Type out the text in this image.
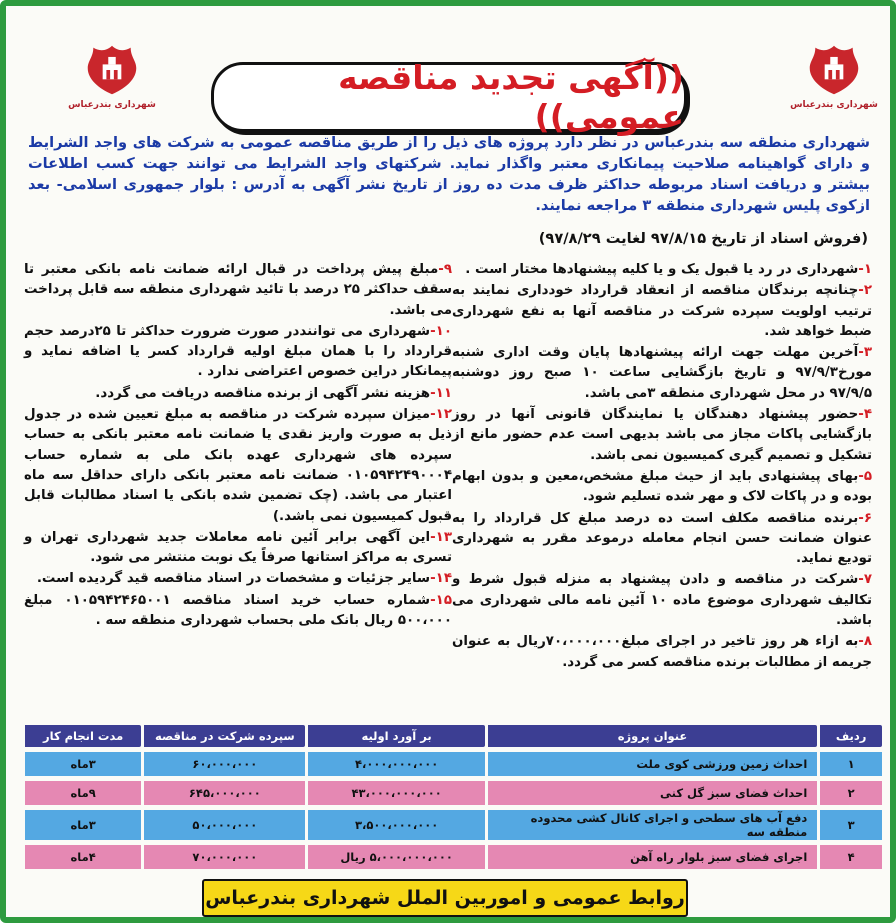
شهرداری بندرعباس
شهرداری بندرعباس
((آگهی تجدید مناقصه عمومی))
شهرداری منطقه سه بندرعباس در نظر دارد پروژه های ذیل را از طریق مناقصه عمومی به شرکت های واجد الشرایط و دارای گواهینامه صلاحیت پیمانکاری معتبر واگذار نماید. شرکتهای واجد الشرایط می توانند جهت کسب اطلاعات بیشتر و دریافت اسناد مربوطه حداکثر ظرف مدت ده روز از تاریخ نشر آگهی به آدرس : بلوار جمهوری اسلامی- بعد ازکوی پلیس شهرداری منطقه ۳ مراجعه نمایند.
(فروش اسناد از تاریخ ۹۷/۸/۱۵ لغایت ۹۷/۸/۲۹)

۱-شهرداری در رد یا قبول یک و یا کلیه پیشنهادها مختار است .

۲-چنانچه برندگان مناقصه از انعقاد قرارداد خودداری نمایند به ترتیب اولویت سپرده شرکت در مناقصه آنها به نفع شهرداری ضبط خواهد شد.

۳-آخرین مهلت جهت ارائه پیشنهادها پایان وقت اداری شنبه مورخ۹۷/۹/۳ و تاریخ بازگشایی ساعت ۱۰ صبح روز دوشنبه ۹۷/۹/۵ در محل شهرداری منطقه ۳می باشد.

۴-حضور پیشنهاد دهندگان یا نمایندگان قانونی آنها در روز بازگشایی پاکات مجاز می باشد بدیهی است عدم حضور مانع از تشکیل و تصمیم گیری کمیسیون نمی باشد.

۵-بهای پیشنهادی باید از حیث مبلغ مشخص،معین و بدون ابهام بوده و در پاکات لاک و مهر شده تسلیم شود.

۶-برنده مناقصه مکلف است ده درصد مبلغ کل قرارداد را به عنوان ضمانت حسن انجام معامله درموعد مقرر به شهرداری تودیع نماید.

۷-شرکت در مناقصه و دادن پیشنهاد به منزله قبول شرط و تکالیف شهرداری موضوع ماده ۱۰ آئین نامه مالی شهرداری می باشد.

۸-به ازاء هر روز تاخیر در اجرای مبلغ۷۰،۰۰۰،۰۰۰ریال به عنوان جریمه از مطالبات برنده مناقصه کسر می گردد.

۹-مبلغ پیش پرداخت در قبال ارائه ضمانت نامه بانکی معتبر تا سقف حداکثر ۲۵ درصد با تائید شهرداری منطقه سه قابل پرداخت می باشد.

۱۰-شهرداری می تواننددر صورت ضرورت حداکثر تا ۲۵درصد حجم قرارداد را با همان مبلغ اولیه قرارداد کسر یا اضافه نماید و پیمانکار دراین خصوص اعتراضی ندارد .

۱۱-هزینه نشر آگهی از برنده مناقصه دریافت می گردد.

۱۲-میزان سپرده شرکت در مناقصه به مبلغ تعیین شده در جدول ذیل به صورت واریز نقدی یا ضمانت نامه معتبر بانکی به حساب سپرده های شهرداری عهده بانک ملی به شماره حساب ۰۱۰۵۹۴۲۴۹۰۰۰۴ ضمانت نامه معتبر بانکی دارای حداقل سه ماه اعتبار می باشد. (چک تضمین شده بانکی یا اسناد مطالبات قابل قبول کمیسیون نمی باشد.)

۱۳-این آگهی برابر آئین نامه معاملات جدید شهرداری تهران و تسری به مراکز استانها صرفاً یک نوبت منتشر می شود.

۱۴-سایر جزئیات و مشخصات در اسناد مناقصه قید گردیده است.

۱۵-شماره حساب خرید اسناد مناقصه ۰۱۰۵۹۴۲۴۶۵۰۰۱ مبلغ ۵۰۰،۰۰۰ ریال بانک ملی بحساب شهرداری منطقه سه .

ردیف	عنوان پروژه	بر آورد اولیه	سپرده شرکت در مناقصه	مدت انجام کار
۱	احداث زمین ورزشی کوی ملت	۴،۰۰۰،۰۰۰،۰۰۰	۶۰،۰۰۰،۰۰۰	۳ماه
۲	احداث فضای سبز گل کنی	۴۳،۰۰۰،۰۰۰،۰۰۰	۶۴۵،۰۰۰،۰۰۰	۹ماه
۳	دفع آب های سطحی و اجرای کانال کشی محدوده منطقه سه	۳،۵۰۰،۰۰۰،۰۰۰	۵۰،۰۰۰،۰۰۰	۳ماه
۴	اجرای فضای سبز بلوار راه آهن	۵،۰۰۰،۰۰۰،۰۰۰ ریال	۷۰،۰۰۰،۰۰۰	۴ماه
روابط عمومی و اموربین الملل شهرداری بندرعباس
